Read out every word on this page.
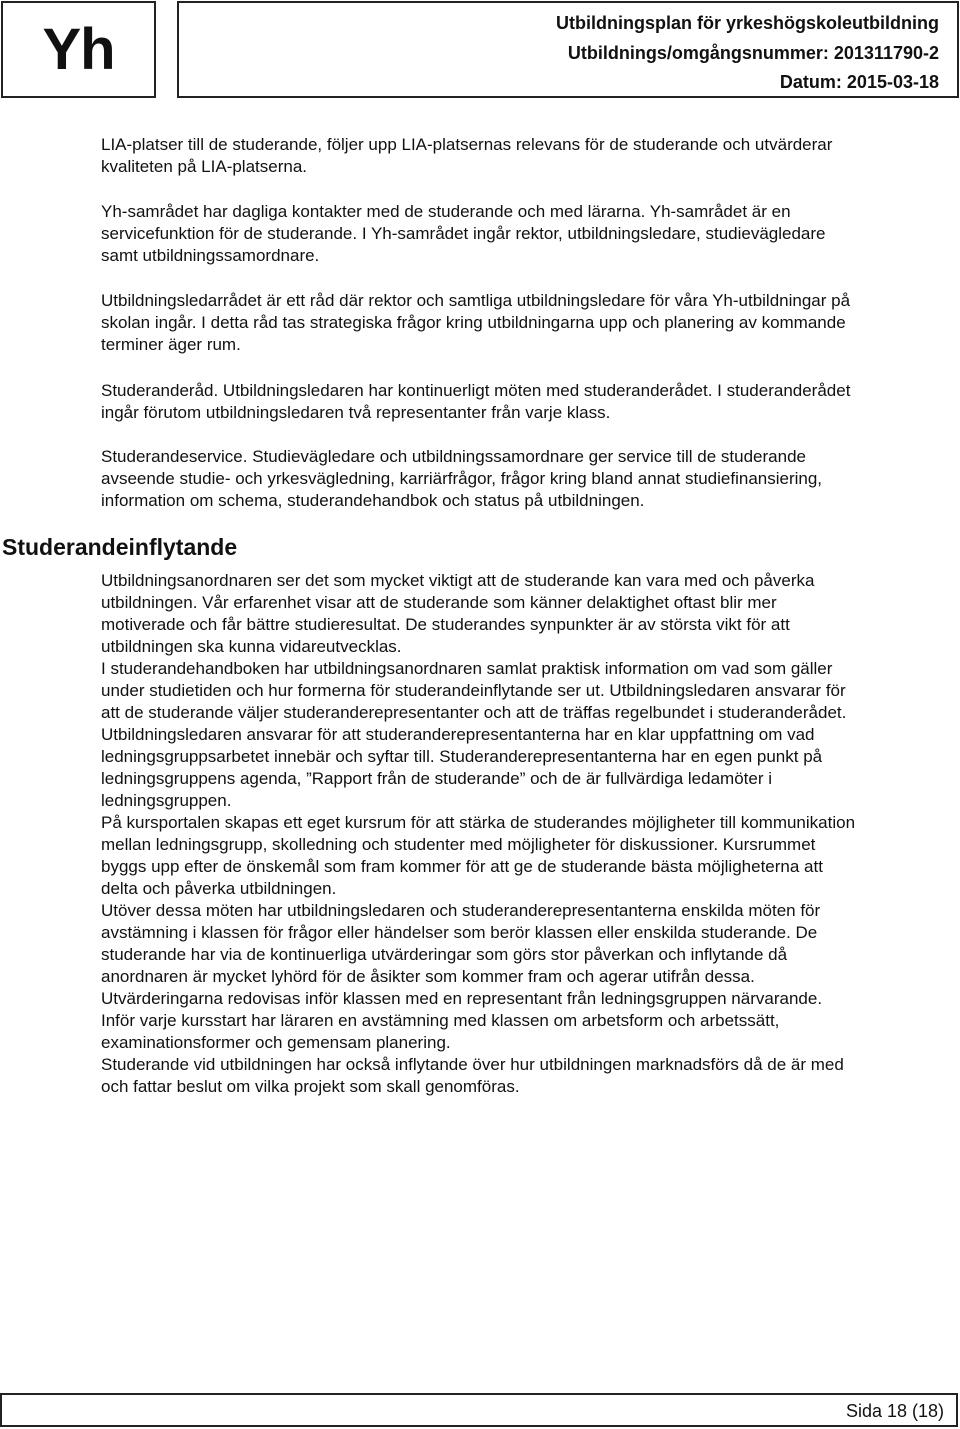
Yh	Utbildningsplan för yrkeshögskoleutbildning
Utbildnings/omgångsnummer: 201311790-2
Datum: 2015-03-18

LIA-platser till de studerande, följer upp LIA-platsernas relevans för de studerande och utvärderar
kvaliteten på LIA-platserna.

Yh-samrådet har dagliga kontakter med de studerande och med lärarna. Yh-samrådet är en
servicefunktion för de studerande. I Yh-samrådet ingår rektor, utbildningsledare, studievägledare
samt utbildningssamordnare.

Utbildningsledarrådet är ett råd där rektor och samtliga utbildningsledare för våra Yh-utbildningar på
skolan ingår. I detta råd tas strategiska frågor kring utbildningarna upp och planering av kommande
terminer äger rum.

Studeranderåd. Utbildningsledaren har kontinuerligt möten med studeranderådet. I studeranderådet
ingår förutom utbildningsledaren två representanter från varje klass.

Studerandeservice. Studievägledare och utbildningssamordnare ger service till de studerande
avseende studie- och yrkesvägledning, karriärfrågor, frågor kring bland annat studiefinansiering,
information om schema, studerandehandbok och status på utbildningen.

Studerandeinflytande

Utbildningsanordnaren ser det som mycket viktigt att de studerande kan vara med och påverka
utbildningen. Vår erfarenhet visar att de studerande som känner delaktighet oftast blir mer
motiverade och får bättre studieresultat. De studerandes synpunkter är av största vikt för att
utbildningen ska kunna vidareutvecklas.
I studerandehandboken har utbildningsanordnaren samlat praktisk information om vad som gäller
under studietiden och hur formerna för studerandeinflytande ser ut. Utbildningsledaren ansvarar för
att de studerande väljer studeranderepresentanter och att de träffas regelbundet i studeranderådet.
Utbildningsledaren ansvarar för att studeranderepresentanterna har en klar uppfattning om vad
ledningsgruppsarbetet innebär och syftar till. Studeranderepresentanterna har en egen punkt på
ledningsgruppens agenda, ”Rapport från de studerande” och de är fullvärdiga ledamöter i
ledningsgruppen.
På kursportalen skapas ett eget kursrum för att stärka de studerandes möjligheter till kommunikation
mellan ledningsgrupp, skolledning och studenter med möjligheter för diskussioner. Kursrummet
byggs upp efter de önskemål som fram kommer för att ge de studerande bästa möjligheterna att
delta och påverka utbildningen.
Utöver dessa möten har utbildningsledaren och studeranderepresentanterna enskilda möten för
avstämning i klassen för frågor eller händelser som berör klassen eller enskilda studerande. De
studerande har via de kontinuerliga utvärderingar som görs stor påverkan och inflytande då
anordnaren är mycket lyhörd för de åsikter som kommer fram och agerar utifrån dessa.
Utvärderingarna redovisas inför klassen med en representant från ledningsgruppen närvarande.
Inför varje kursstart har läraren en avstämning med klassen om arbetsform och arbetssätt,
examinationsformer och gemensam planering.
Studerande vid utbildningen har också inflytande över hur utbildningen marknadsförs då de är med
och fattar beslut om vilka projekt som skall genomföras.

Sida 18 (18)
